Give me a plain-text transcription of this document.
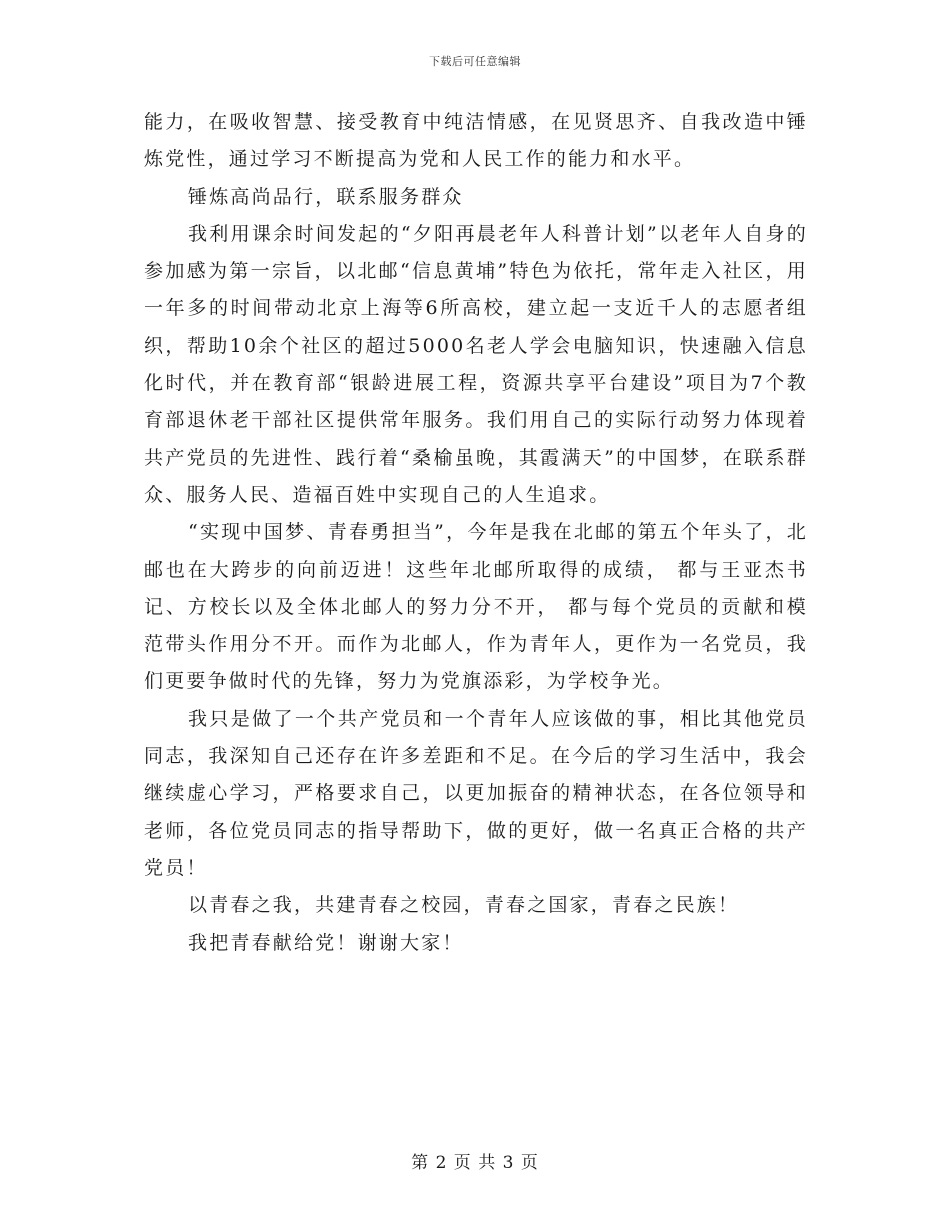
下载后可任意编辑

能力，在吸收智慧、接受教育中纯洁情感，在见贤思齐、自我改造中锤炼党性，通过学习不断提高为党和人民工作的能力和水平。

锤炼高尚品行，联系服务群众

我利用课余时间发起的“夕阳再晨老年人科普计划”以老年人自身的参加感为第一宗旨，以北邮“信息黄埔”特色为依托，常年走入社区，用一年多的时间带动北京上海等6所高校，建立起一支近千人的志愿者组织，帮助10余个社区的超过5000名老人学会电脑知识，快速融入信息化时代，并在教育部“银龄进展工程，资源共享平台建设”项目为7个教育部退休老干部社区提供常年服务。我们用自己的实际行动努力体现着共产党员的先进性、践行着“桑榆虽晚，其霞满天”的中国梦，在联系群众、服务人民、造福百姓中实现自己的人生追求。

“实现中国梦、青春勇担当”，今年是我在北邮的第五个年头了，北邮也在大跨步的向前迈进！这些年北邮所取得的成绩， 都与王亚杰书记、方校长以及全体北邮人的努力分不开， 都与每个党员的贡献和模范带头作用分不开。而作为北邮人，作为青年人，更作为一名党员，我们更要争做时代的先锋，努力为党旗添彩，为学校争光。

我只是做了一个共产党员和一个青年人应该做的事，相比其他党员同志，我深知自己还存在许多差距和不足。在今后的学习生活中，我会继续虚心学习，严格要求自己，以更加振奋的精神状态，在各位领导和老师，各位党员同志的指导帮助下，做的更好，做一名真正合格的共产党员！

以青春之我，共建青春之校园，青春之国家，青春之民族！

我把青春献给党！谢谢大家！

第 2 页 共 3 页
